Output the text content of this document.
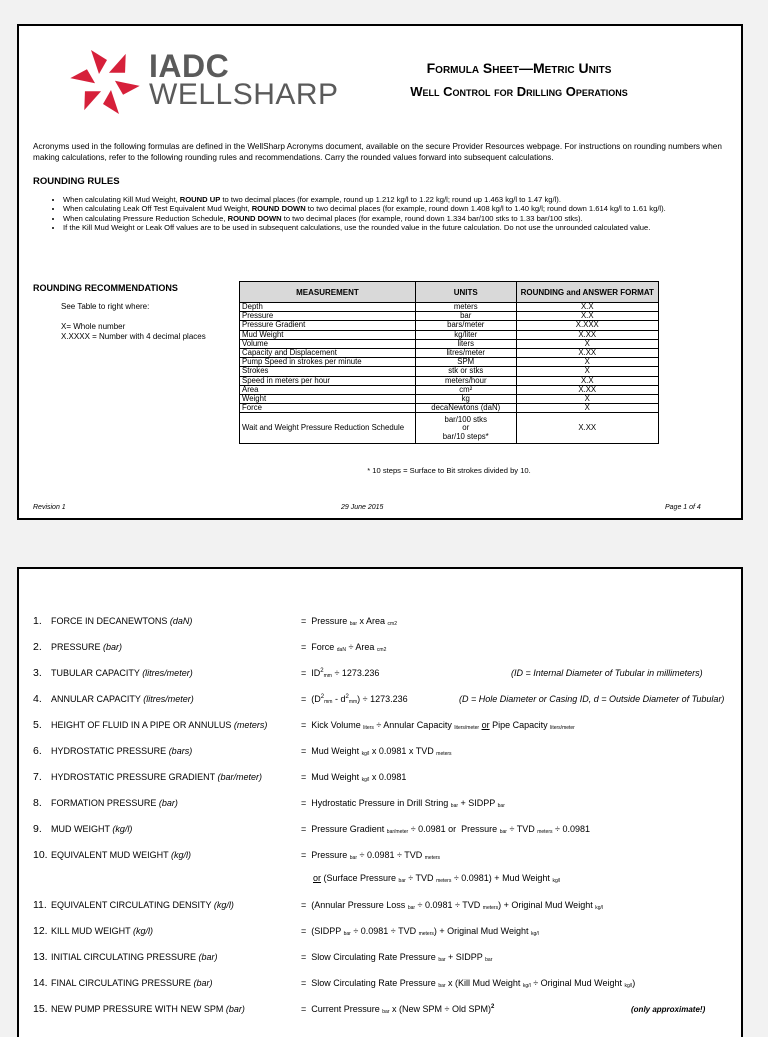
IADC
WELLSHARP
Formula Sheet—Metric Units
Well Control for Drilling Operations
Acronyms used in the following formulas are defined in the WellSharp Acronyms document, available on the secure Provider Resources webpage. For instructions on rounding numbers when making calculations, refer to the following rounding rules and recommendations. Carry the rounded values forward into subsequent calculations.
ROUNDING RULES
• When calculating Kill Mud Weight, ROUND UP to two decimal places (for example, round up 1.212 kg/l to 1.22 kg/l; round up 1.463 kg/l to 1.47 kg/l).
• When calculating Leak Off Test Equivalent Mud Weight, ROUND DOWN to two decimal places (for example, round down 1.408 kg/l to 1.40 kg/l; round down 1.614 kg/l to 1.61 kg/l).
• When calculating Pressure Reduction Schedule, ROUND DOWN to two decimal places (for example, round down 1.334 bar/100 stks to 1.33 bar/100 stks).
• If the Kill Mud Weight or Leak Off values are to be used in subsequent calculations, use the rounded value in the future calculation. Do not use the unrounded calculated value.
ROUNDING RECOMMENDATIONS
See Table to right where:
X= Whole number
X.XXXX = Number with 4 decimal places
MEASUREMENT	UNITS	ROUNDING and ANSWER FORMAT
Depth	meters	X.X
Pressure	bar	X.X
Pressure Gradient	bars/meter	X.XXX
Mud Weight	kg/liter	X.XX
Volume	liters	X
Capacity and Displacement	litres/meter	X.XX
Pump Speed in strokes per minute	SPM	X
Strokes	stk or stks	X
Speed in meters per hour	meters/hour	X.X
Area	cm²	X.XX
Weight	kg	X
Force	decaNewtons (daN)	X
Wait and Weight Pressure Reduction Schedule	bar/100 stks
or
bar/10 steps*	X.XX
* 10 steps = Surface to Bit strokes divided by 10.
Revision 1	29 June 2015	Page 1 of 4
1. FORCE IN DECANEWTONS (daN)	=  Pressure $_{bar}$ x Area $_{cm2}$
2. PRESSURE (bar)	=  Force $_{daN}$ ÷ Area $_{cm2}$
3. TUBULAR CAPACITY (litres/meter)	=  $ID^2_{mm} \div 1273.236$	(ID = Internal Diameter of Tubular in millimeters)
4. ANNULAR CAPACITY (litres/meter)	=  $(D^2_{mm} - d^2_{mm}) \div 1273.236$	(D = Hole Diameter or Casing ID, d = Outside Diameter of Tubular)
5. HEIGHT OF FLUID IN A PIPE OR ANNULUS (meters)	=  Kick Volume $_{liters}$ ÷ Annular Capacity $_{liters/meter}$ or Pipe Capacity $_{liters/meter}$
6. HYDROSTATIC PRESSURE (bars)	=  Mud Weight $_{kg/l}$ x 0.0981 x TVD $_{meters}$
7. HYDROSTATIC PRESSURE GRADIENT (bar/meter)	=  Mud Weight $_{kg/l}$ x 0.0981
8. FORMATION PRESSURE (bar)	=  Hydrostatic Pressure in Drill String $_{bar}$ + SIDPP $_{bar}$
9. MUD WEIGHT (kg/l)	=  Pressure Gradient $_{bar/meter}$ ÷ 0.0981 or  Pressure $_{bar}$ ÷ TVD $_{meters}$ ÷ 0.0981
10. EQUIVALENT MUD WEIGHT (kg/l)	=  Pressure $_{bar}$ ÷ 0.0981 ÷ TVD $_{meters}$
or (Surface Pressure $_{bar}$ ÷ TVD $_{meters}$ ÷ 0.0981) + Mud Weight $_{kg/l}$
11. EQUIVALENT CIRCULATING DENSITY (kg/l)	=  (Annular Pressure Loss $_{bar}$ ÷ 0.0981 ÷ TVD $_{meters}$) + Original Mud Weight $_{kg/l}$
12. KILL MUD WEIGHT (kg/l)	=  (SIDPP $_{bar}$ ÷ 0.0981 ÷ TVD $_{meters}$) + Original Mud Weight $_{kg/l}$
13. INITIAL CIRCULATING PRESSURE (bar)	=  Slow Circulating Rate Pressure $_{bar}$ + SIDPP $_{bar}$
14. FINAL CIRCULATING PRESSURE (bar)	=  Slow Circulating Rate Pressure $_{bar}$ x (Kill Mud Weight $_{kg/l}$ ÷ Original Mud Weight $_{kg/l}$)
15. NEW PUMP PRESSURE WITH NEW SPM (bar)	=  Current Pressure $_{bar}$ x (New SPM ÷ Old SPM)$^2$	(only approximate!)
